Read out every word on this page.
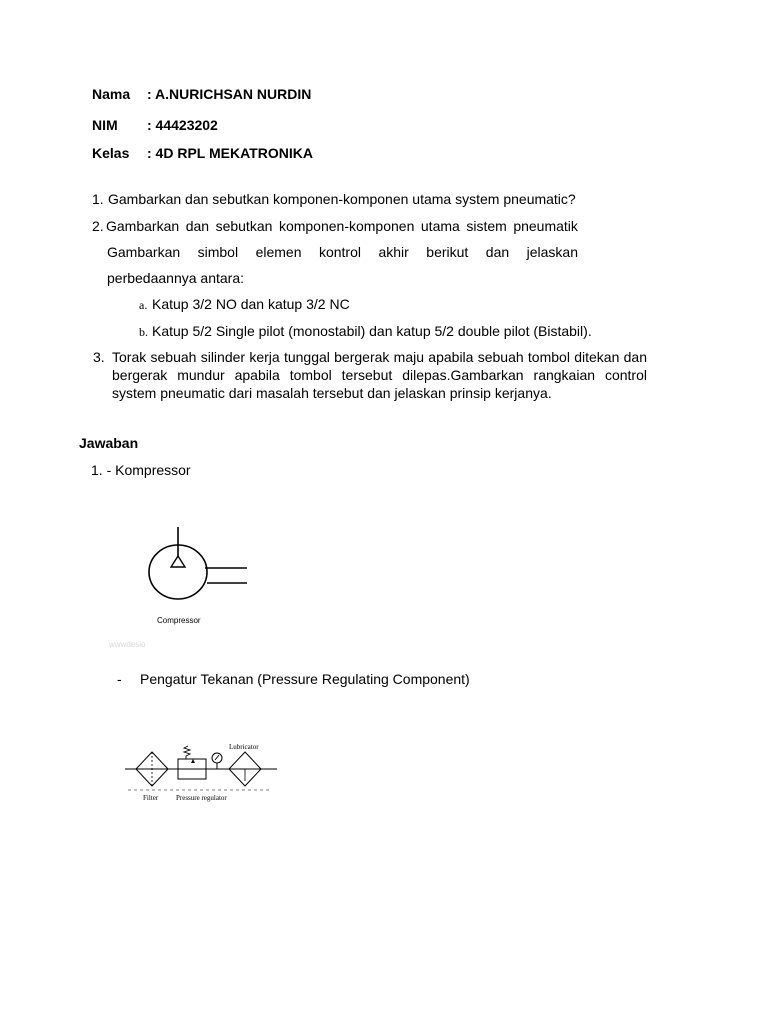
Nama : A.NURICHSAN NURDIN
NIM : 44423202
Kelas : 4D RPL MEKATRONIKA
1. Gambarkan dan sebutkan komponen-komponen utama system pneumatic?
2. Gambarkan dan sebutkan komponen-komponen utama sistem pneumatik
Gambarkan simbol elemen kontrol akhir berikut dan jelaskan
perbedaannya antara:
a. Katup 3/2 NO dan katup 3/2 NC
b. Katup 5/2 Single pilot (monostabil) dan katup 5/2 double pilot (Bistabil).
3. Torak sebuah silinder kerja tunggal bergerak maju apabila sebuah tombol ditekan dan bergerak mundur apabila tombol tersebut dilepas.Gambarkan rangkaian control system pneumatic dari masalah tersebut dan jelaskan prinsip kerjanya.
Jawaban
1. - Kompressor
Compressor
wwwdesio
- Pengatur Tekanan (Pressure Regulating Component)
Filter	Pressure regulator
Lubricator
